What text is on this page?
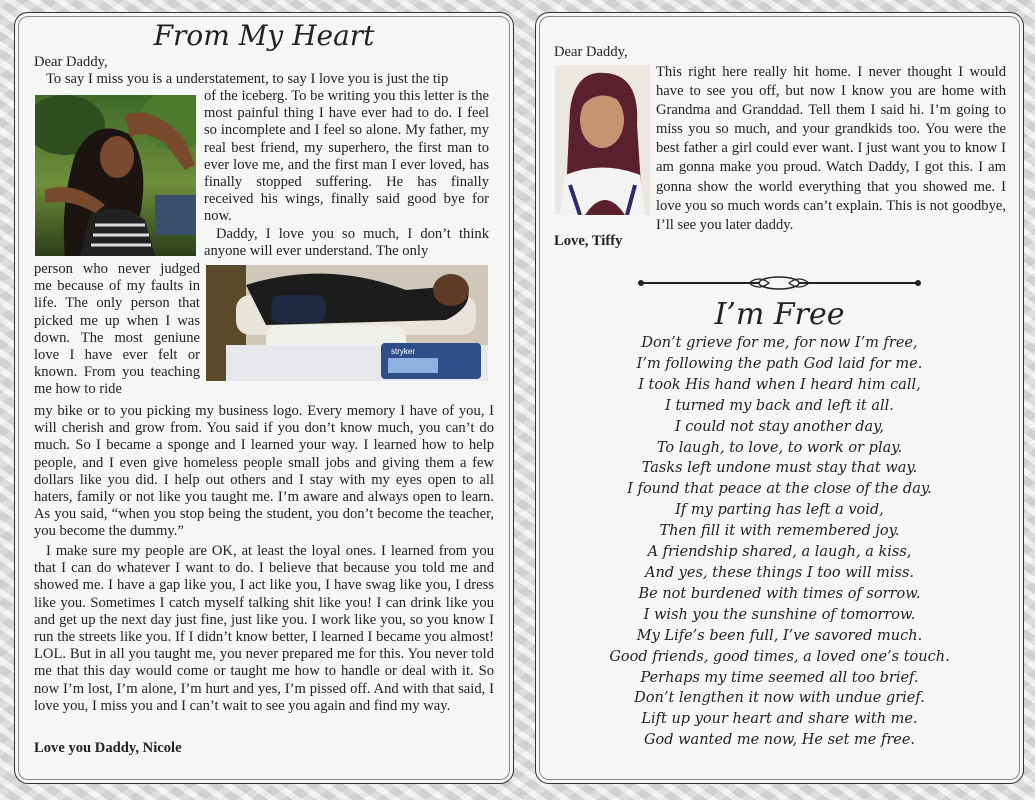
From My Heart
Dear Daddy,
To say I miss you is a understatement, to say I love you is just the tip
of the iceberg. To be writing you this letter is the most painful thing I have ever had to do. I feel so incomplete and I feel so alone. My father, my real best friend, my superhero, the first man to ever love me, and the first man I ever loved, has finally stopped suffering. He has finally received his wings, finally said good bye for now.
Daddy, I love you so much, I don’t think anyone will ever understand. The only
person who never judged me because of my faults in life. The only person that picked me up when I was down. The most geniune love I have ever felt or known. From you teaching me how to ride
stryker
my bike or to you picking my business logo. Every memory I have of you, I will cherish and grow from. You said if you don’t know much, you can’t do much. So I became a sponge and I learned your way. I learned how to help people, and I even give homeless people small jobs and giving them a few dollars like you did. I help out others and I stay with my eyes open to all haters, family or not like you taught me. I’m aware and always open to learn. As you said, “when you stop being the student, you don’t become the teacher, you become the dummy.”
I make sure my people are OK, at least the loyal ones. I learned from you that I can do whatever I want to do. I believe that because you told me and showed me. I have a gap like you, I act like you, I have swag like you, I dress like you. Sometimes I catch myself talking shit like you! I can drink like you and get up the next day just fine, just like you. I work like you, so you know I run the streets like you. If I didn’t know better, I learned I became you almost! LOL. But in all you taught me, you never prepared me for this. You never told me that this day would come or taught me how to handle or deal with it. So now I’m lost, I’m alone, I’m hurt and yes, I’m pissed off. And with that said, I love you, I miss you and I can’t wait to see you again and find my way.
Love you Daddy, Nicole
Dear Daddy,
This right here really hit home. I never thought I would have to see you off, but now I know you are home with Grandma and Granddad. Tell them I said hi. I’m going to miss you so much, and your grandkids too. You were the best father a girl could ever want. I just want you to know I am gonna make you proud. Watch Daddy, I got this. I am gonna show the world everything that you showed me. I love you so much words can’t explain. This is not goodbye, I’ll see you later daddy.
Love, Tiffy
I’m Free
Don’t grieve for me, for now I’m free,
I’m following the path God laid for me.
I took His hand when I heard him call,
I turned my back and left it all.
I could not stay another day,
To laugh, to love, to work or play.
Tasks left undone must stay that way.
I found that peace at the close of the day.
If my parting has left a void,
Then fill it with remembered joy.
A friendship shared, a laugh, a kiss,
And yes, these things I too will miss.
Be not burdened with times of sorrow.
I wish you the sunshine of tomorrow.
My Life’s been full, I’ve savored much.
Good friends, good times, a loved one’s touch.
Perhaps my time seemed all too brief.
Don’t lengthen it now with undue grief.
Lift up your heart and share with me.
God wanted me now, He set me free.
